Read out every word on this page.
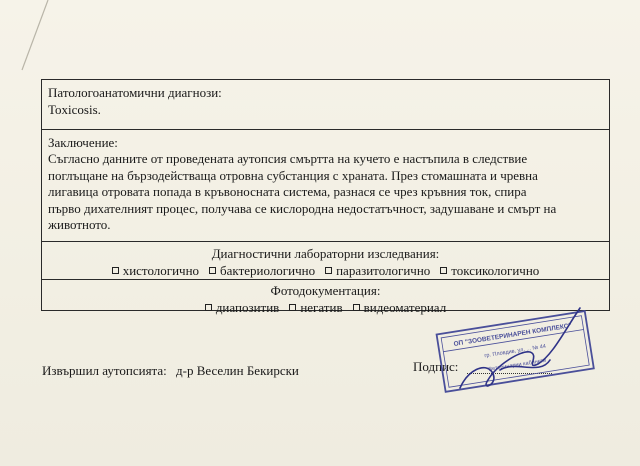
Патологоанатомични диагнози:
Toxicosis.
Заключение:

Съгласно данните от проведената аутопсия смъртта на кучето е настъпила в следствие

поглъщане на бързодействаща отровна субстанция с храната. През стомашната и чревна

лигавица отровата попада в кръвоносната система, разнася се чрез кръвния ток, спира

първо дихателният процес, получава се кислородна недостатъчност, задушаване и смърт на

животното.

Диагностични лабораторни изследвания:
хистологично бактериологично паразитологично токсикологично
Фотодокументация:
диапозитив негатив видеоматериал
Извършил аутопсията: д-р Веселин Бекирски	Подпис:
ОП "ЗООВЕТЕРИНАРЕН КОМПЛЕКС"
гр. Пловдив, ул. ... № 44
Ветеринарни кабинети
